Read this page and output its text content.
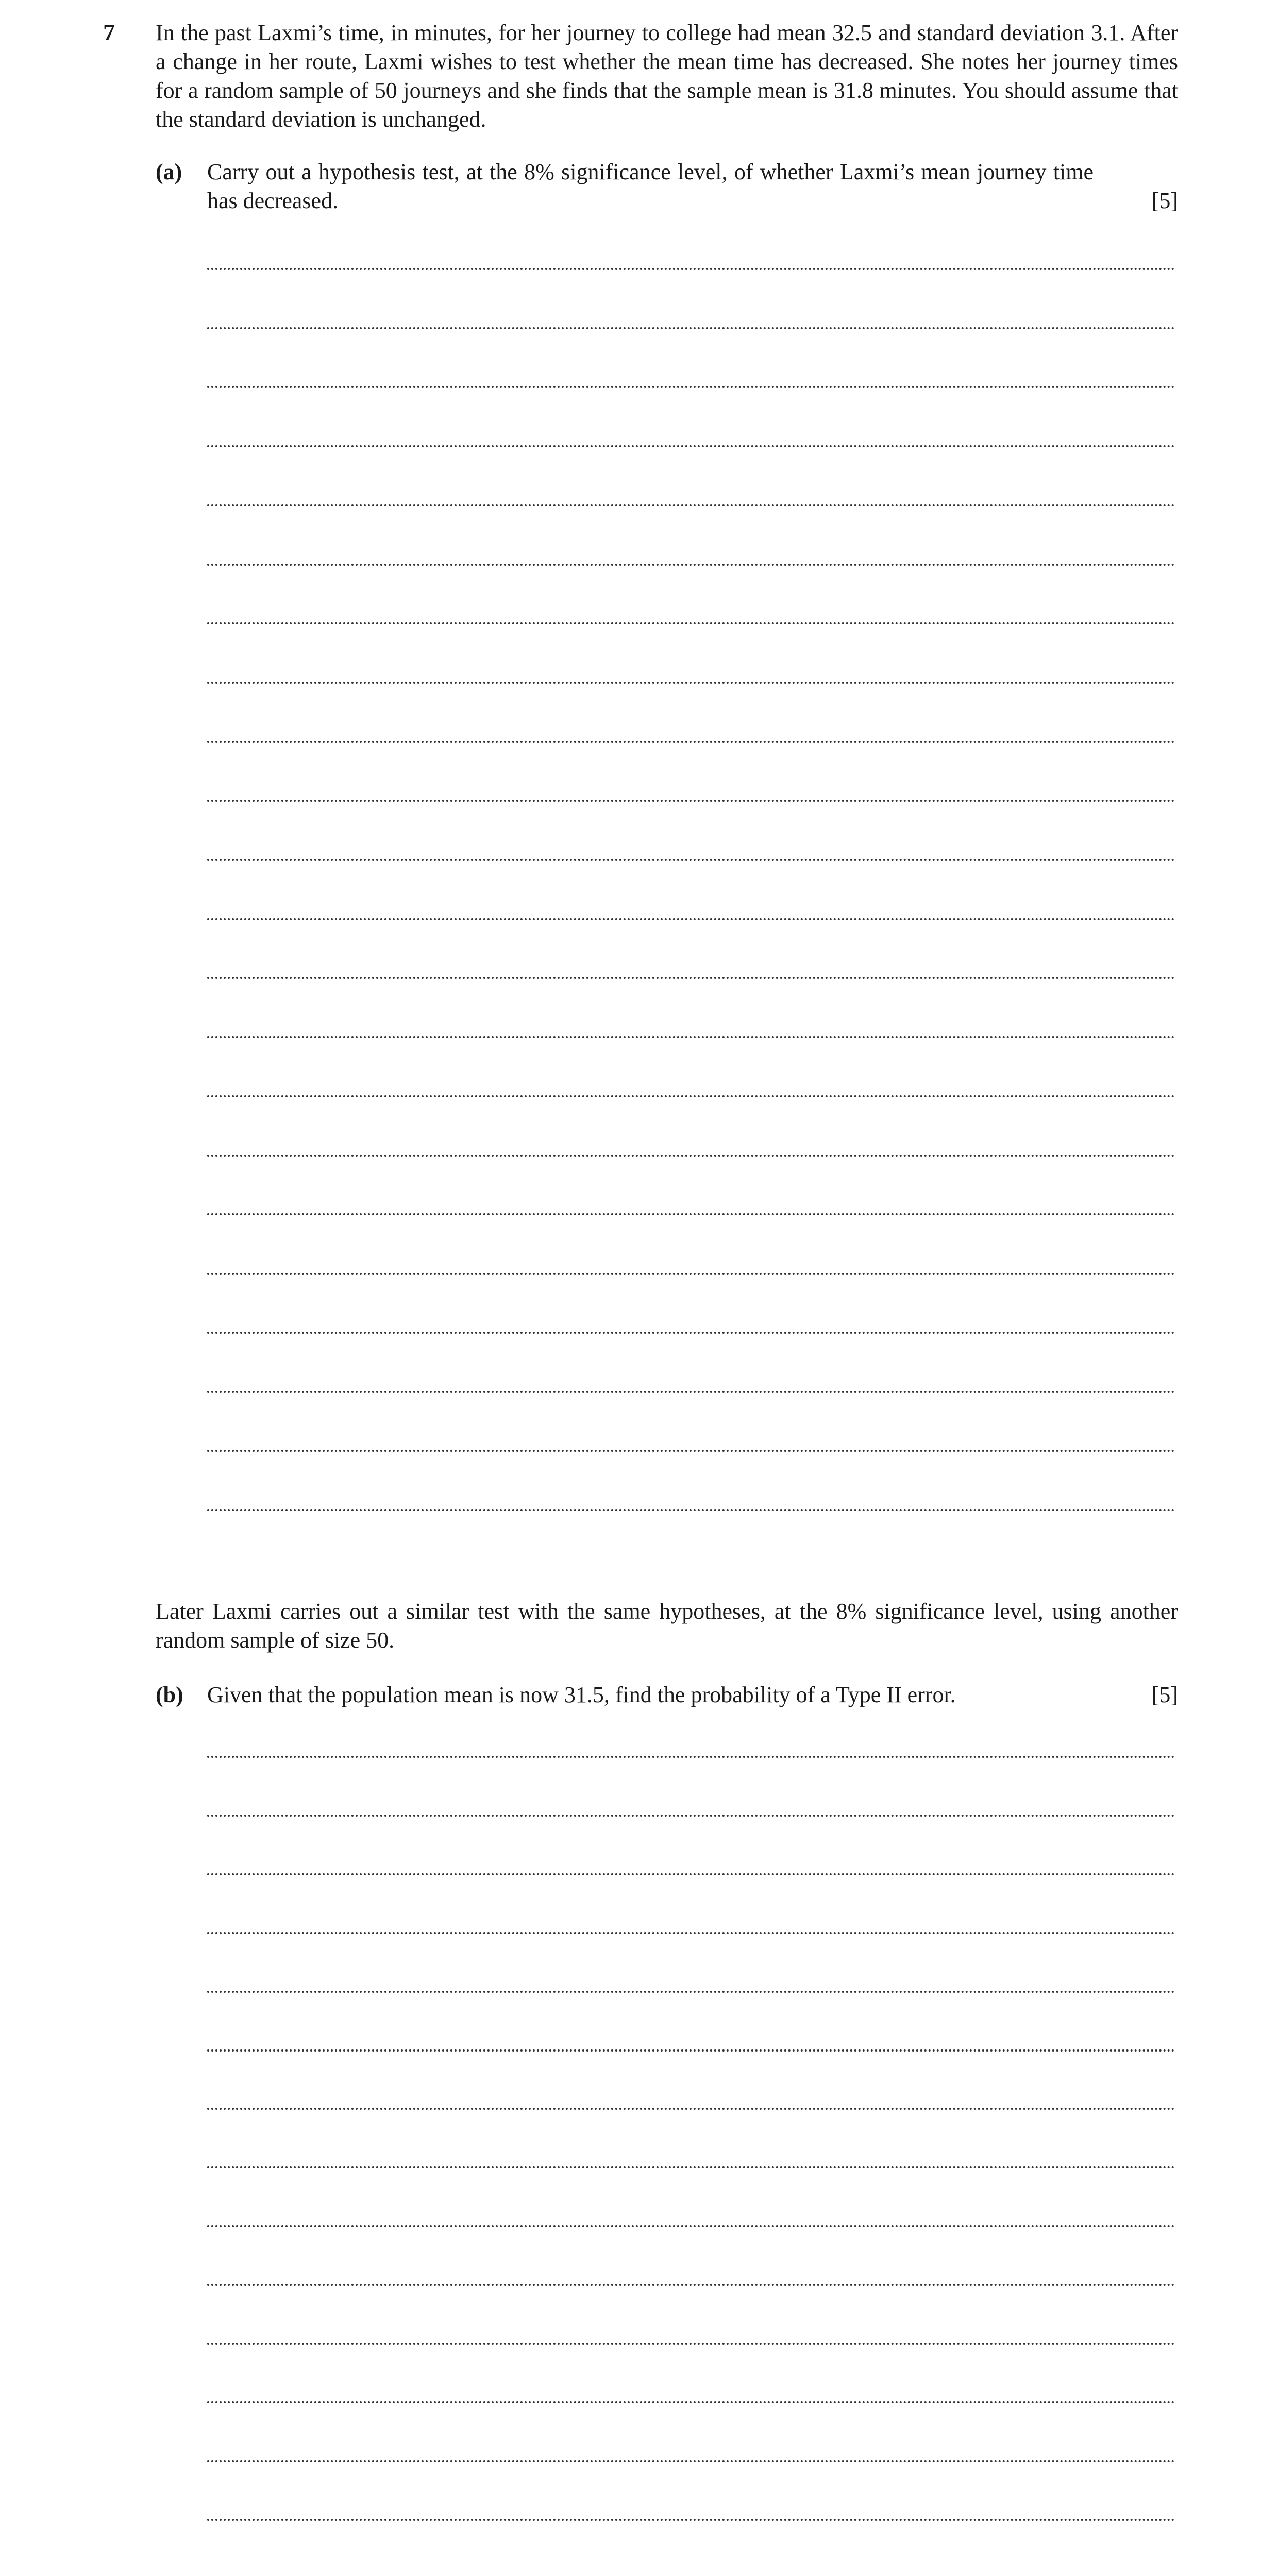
7 In the past Laxmi’s time, in minutes, for her journey to college had mean 32.5 and standard deviation 3.1. After a change in her route, Laxmi wishes to test whether the mean time has decreased. She notes her journey times for a random sample of 50 journeys and she finds that the sample mean is 31.8 minutes. You should assume that the standard deviation is unchanged.
(a) Carry out a hypothesis test, at the 8% significance level, of whether Laxmi’s mean journey time has decreased.	[5]
Later Laxmi carries out a similar test with the same hypotheses, at the 8% significance level, using another random sample of size 50.
(b) Given that the population mean is now 31.5, find the probability of a Type II error.	[5]
